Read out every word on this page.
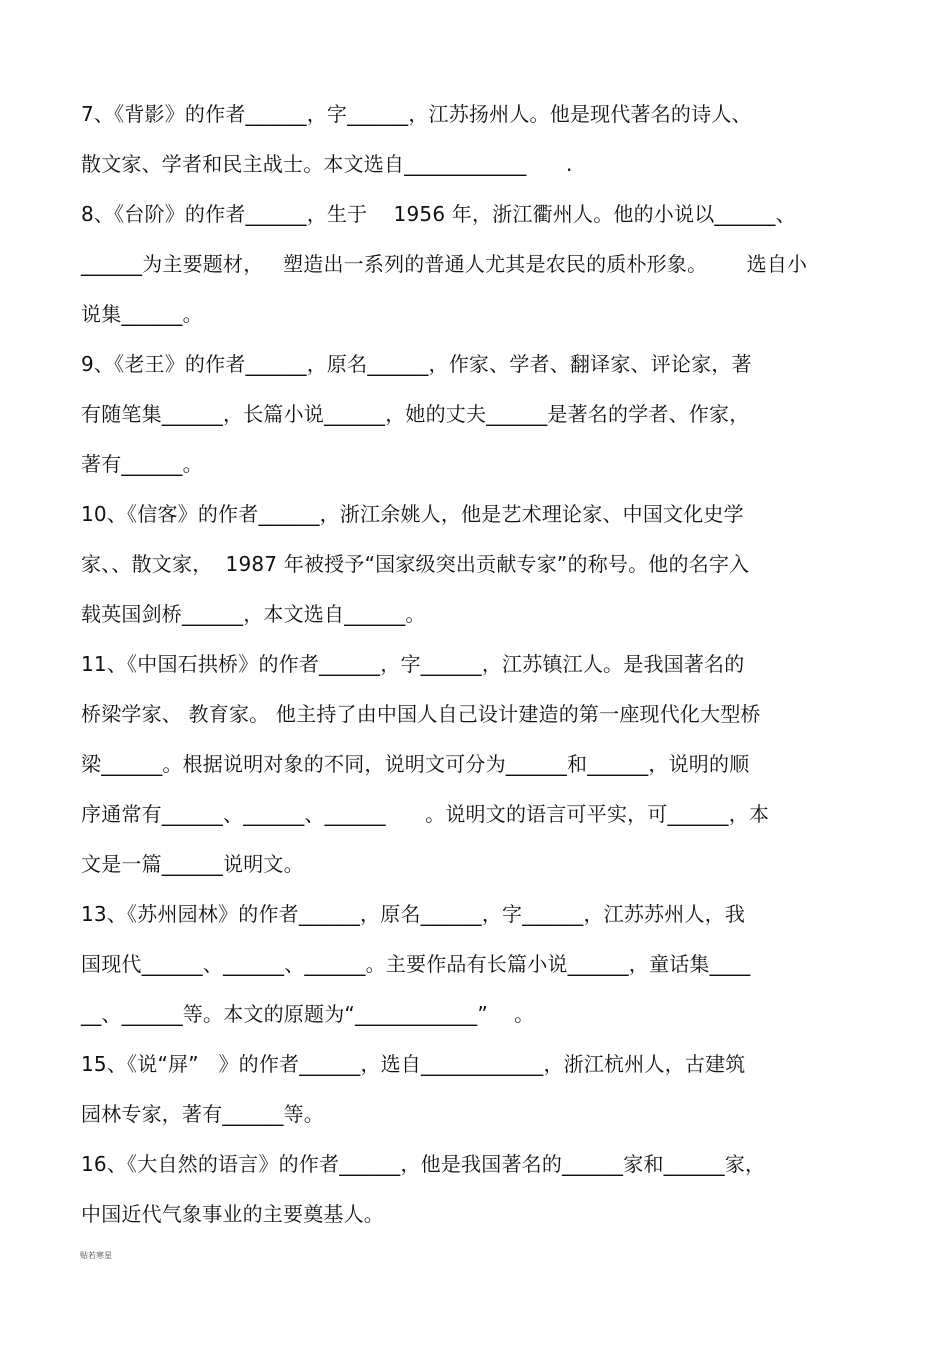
7、《背影》的作者______，字______，江苏扬州人。他是现代著名的诗人、
散文家、学者和民主战士。本文选自____________      .
8、《台阶》的作者______，生于    1956 年，浙江衢州人。他的小说以______、
______为主要题材，   塑造出一系列的普通人尤其是农民的质朴形象。      选自小
说集______。
9、《老王》的作者______，原名______，作家、学者、翻译家、评论家，著
有随笔集______，长篇小说______，她的丈夫______是著名的学者、作家，
著有______。
10、《信客》的作者______，浙江余姚人，他是艺术理论家、中国文化史学
家、、散文家，  1987 年被授予“国家级突出贡献专家”的称号。他的名字入
载英国剑桥______，本文选自______。
11、《中国石拱桥》的作者______，字______，江苏镇江人。是我国著名的
桥梁学家、 教育家。 他主持了由中国人自己设计建造的第一座现代化大型桥
梁______。根据说明对象的不同，说明文可分为______和______，说明的顺
序通常有______、______、______      。说明文的语言可平实，可______，本
文是一篇______说明文。
13、《苏州园林》的作者______，原名______，字______，江苏苏州人，我
国现代______、______、______。主要作品有长篇小说______，童话集____
__、______等。本文的原题为“____________”    。
15、《说“屏”   》的作者______，选自____________，浙江杭州人，古建筑
园林专家，著有______等。
16、《大自然的语言》的作者______，他是我国著名的______家和______家，
中国近代气象事业的主要奠基人。
贴若寒星
